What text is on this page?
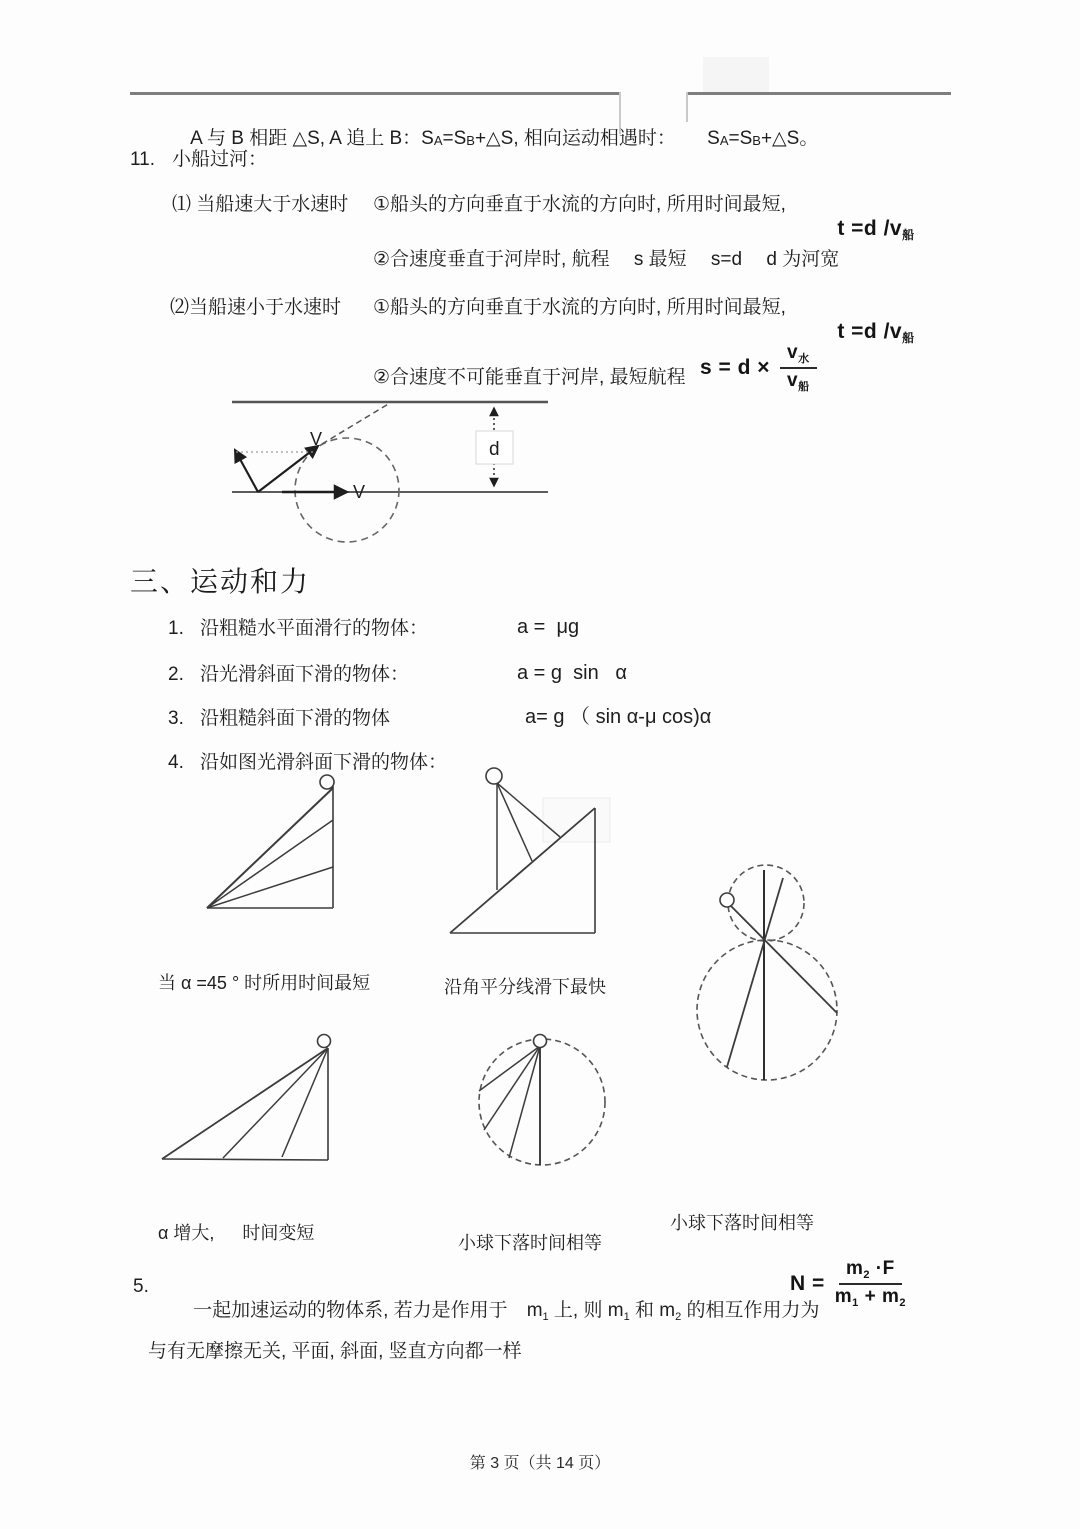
A 与 B 相距 △S, A 追上 B：SA=SB+△S, 相向运动相遇时：
	SA=SB+△S。

11. 小船过河：
⑴ 当船速大于水速时 ①船头的方向垂直于水流的方向时, 所用时间最短,

t =d /v船

②合速度垂直于河岸时, 航程　 s 最短　 s=d　 d 为河宽
⑵当船速小于水速时 ①船头的方向垂直于水流的方向时, 所用时间最短,

t =d /v船

②合速度不可能垂直于河岸, 最短航程 $s = d \times \frac{v_水}{v_船}$
d
V
V
三、运动和力
1. 沿粗糙水平面滑行的物体：	a =  μg
2. 沿光滑斜面下滑的物体：	a = g  sin   α
3. 沿粗糙斜面下滑的物体	a= g （ sin α-μ cos)α
4. 沿如图光滑斜面下滑的物体：
当 α =45 ° 时所用时间最短	沿角平分线滑下最快
小球下落时间相等
α 增大,　  时间变短	小球下落时间相等
5.

一起加速运动的物体系, 若力是作用于　$m_1$ 上, 则 $m_1$ 和 $m_2$ 的相互作用力为

$N = \frac{m_2 \cdot F}{m_1 + m_2}$
与有无摩擦无关, 平面, 斜面, 竖直方向都一样
第 3 页（共 14 页）
